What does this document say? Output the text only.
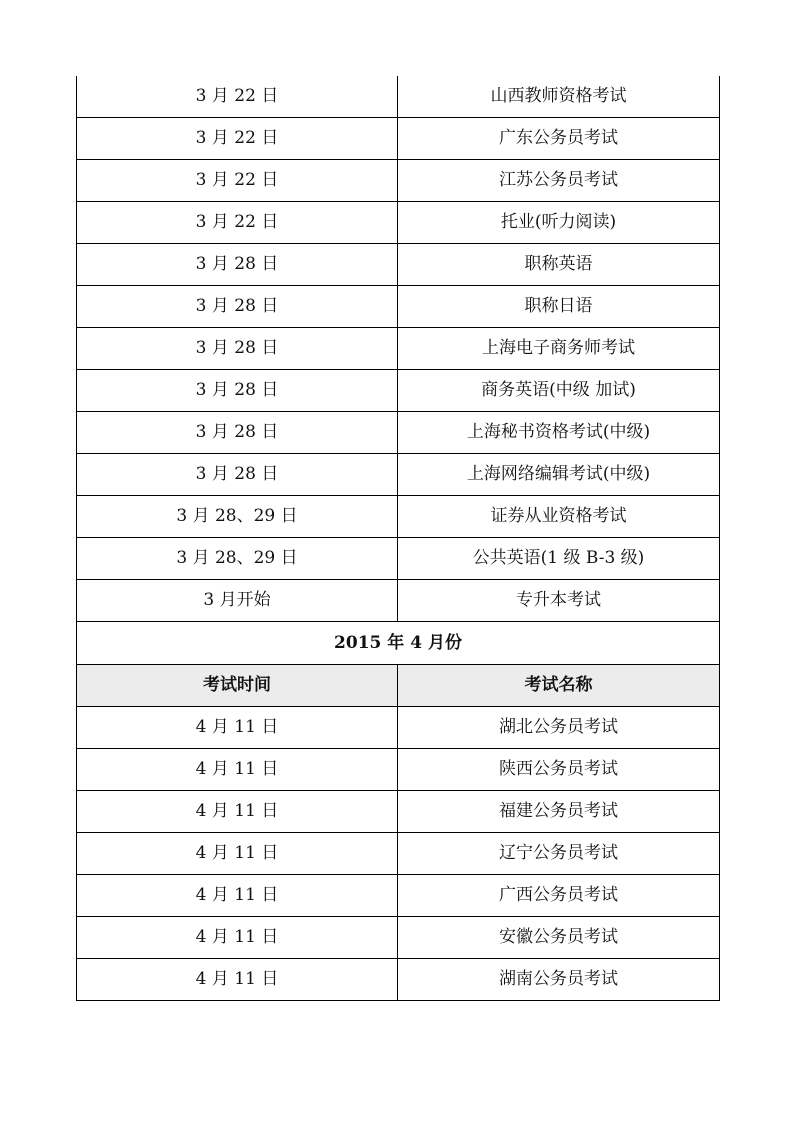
3 月 22 日	山西教师资格考试
3 月 22 日	广东公务员考试
3 月 22 日	江苏公务员考试
3 月 22 日	托业(听力阅读)
3 月 28 日	职称英语
3 月 28 日	职称日语
3 月 28 日	上海电子商务师考试
3 月 28 日	商务英语(中级 加试)
3 月 28 日	上海秘书资格考试(中级)
3 月 28 日	上海网络编辑考试(中级)
3 月 28、29 日	证券从业资格考试
3 月 28、29 日	公共英语(1 级 B-3 级)
3 月开始	专升本考试
2015 年 4 月份	
考试时间	考试名称
4 月 11 日	湖北公务员考试
4 月 11 日	陕西公务员考试
4 月 11 日	福建公务员考试
4 月 11 日	辽宁公务员考试
4 月 11 日	广西公务员考试
4 月 11 日	安徽公务员考试
4 月 11 日	湖南公务员考试
